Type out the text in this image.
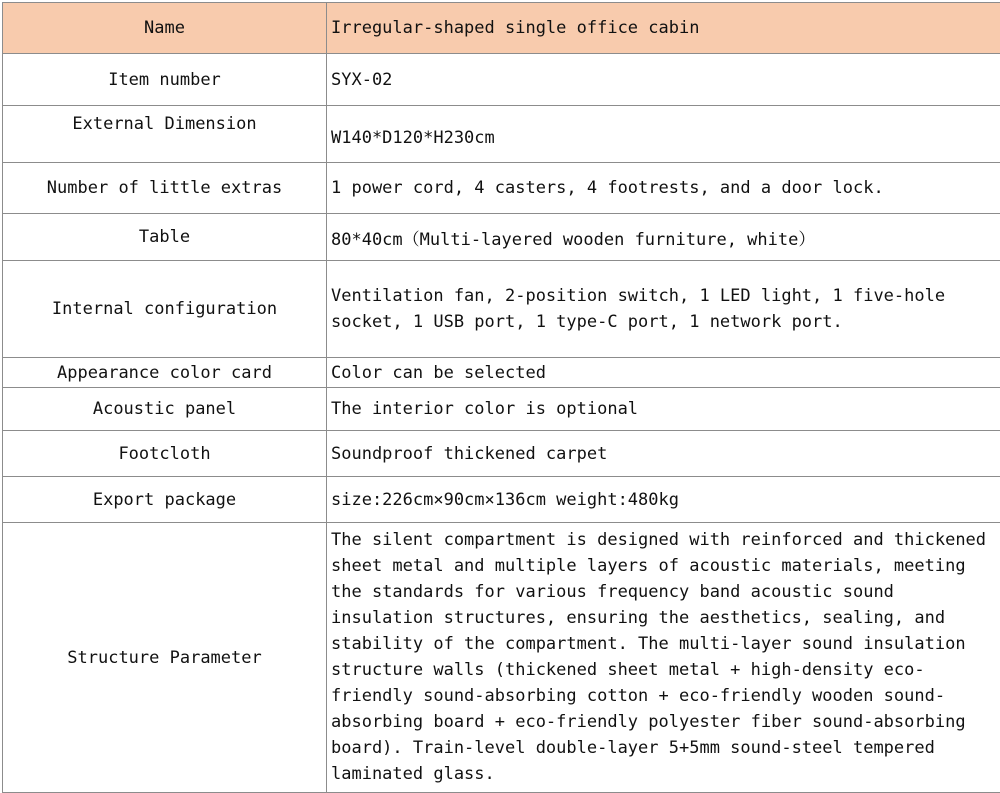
Name	Irregular-shaped single office cabin
Item number	SYX-02
External Dimension	W140*D120*H230cm
Number of little extras	1 power cord, 4 casters, 4 footrests, and a door lock.
Table	80*40cm（Multi-layered wooden furniture, white）
Internal configuration	Ventilation fan, 2-position switch, 1 LED light, 1 five-hole socket, 1 USB port, 1 type-C port, 1 network port.
Appearance color card	Color can be selected
Acoustic panel	The interior color is optional
Footcloth	Soundproof thickened carpet
Export package	size:226cm×90cm×136cm weight:480kg
Structure Parameter	The silent compartment is designed with reinforced and thickened sheet metal and multiple layers of acoustic materials, meeting the standards for various frequency band acoustic sound insulation structures, ensuring the aesthetics, sealing, and stability of the compartment. The multi-layer sound insulation structure walls (thickened sheet metal + high-density eco-friendly sound-absorbing cotton + eco-friendly wooden sound-absorbing board + eco-friendly polyester fiber sound-absorbing board). Train-level double-layer 5+5mm sound-steel tempered laminated glass.
